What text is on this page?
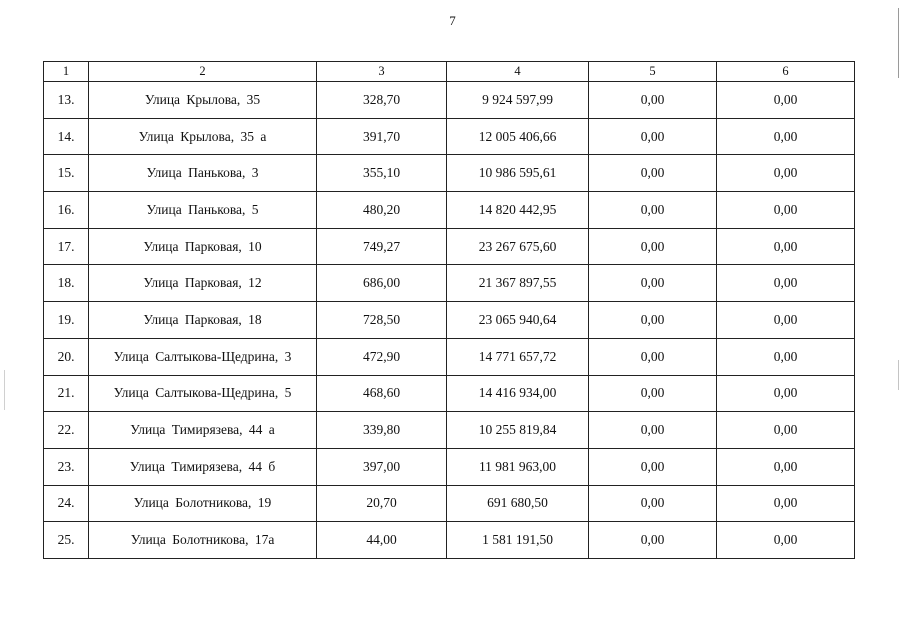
7
1	2	3	4	5	6
13.	Улица Крылова, 35	328,70	9 924 597,99	0,00	0,00
14.	Улица Крылова, 35 а	391,70	12 005 406,66	0,00	0,00
15.	Улица Панькова, 3	355,10	10 986 595,61	0,00	0,00
16.	Улица Панькова, 5	480,20	14 820 442,95	0,00	0,00
17.	Улица Парковая, 10	749,27	23 267 675,60	0,00	0,00
18.	Улица Парковая, 12	686,00	21 367 897,55	0,00	0,00
19.	Улица Парковая, 18	728,50	23 065 940,64	0,00	0,00
20.	Улица Салтыкова-Щедрина, 3	472,90	14 771 657,72	0,00	0,00
21.	Улица Салтыкова-Щедрина, 5	468,60	14 416 934,00	0,00	0,00
22.	Улица Тимирязева, 44 а	339,80	10 255 819,84	0,00	0,00
23.	Улица Тимирязева, 44 б	397,00	11 981 963,00	0,00	0,00
24.	Улица Болотникова, 19	20,70	691 680,50	0,00	0,00
25.	Улица Болотникова, 17а	44,00	1 581 191,50	0,00	0,00
